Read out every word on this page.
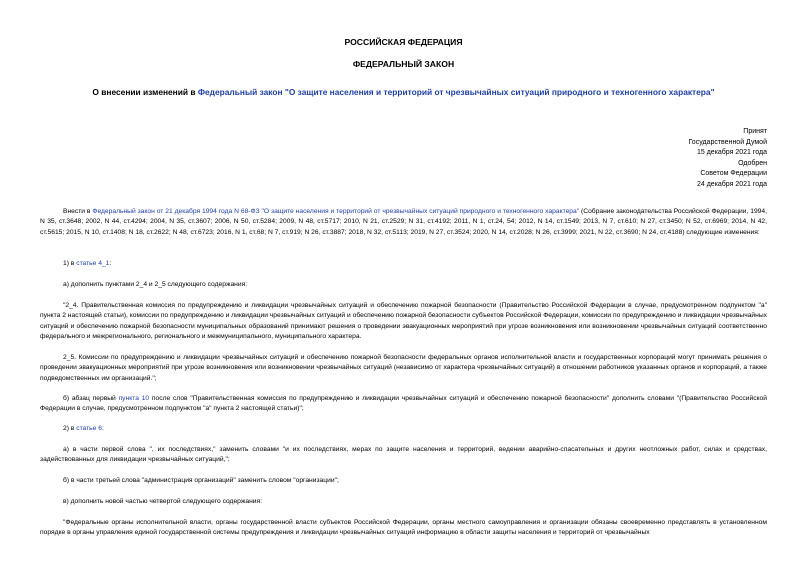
РОССИЙСКАЯ ФЕДЕРАЦИЯ
ФЕДЕРАЛЬНЫЙ ЗАКОН
О внесении изменений в Федеральный закон "О защите населения и территорий от чрезвычайных ситуаций природного и техногенного характера"
Принят
Государственной Думой
15 декабря 2021 года
Одобрен
Советом Федерации
24 декабря 2021 года
Внести в Федеральный закон от 21 декабря 1994 года N 68-ФЗ "О защите населения и территорий от чрезвычайных ситуаций природного и техногенного характера" (Собрание законодательства Российской Федерации, 1994, N 35, ст.3648; 2002, N 44, ст.4294; 2004, N 35, ст.3607; 2006, N 50, ст.5284; 2009, N 48, ст.5717; 2010, N 21, ст.2529; N 31, ст.4192; 2011, N 1, ст.24, 54; 2012, N 14, ст.1549; 2013, N 7, ст.610; N 27, ст.3450; N 52, ст.6969; 2014, N 42, ст.5615; 2015, N 10, ст.1408; N 18, ст.2622; N 48, ст.6723; 2016, N 1, ст.68; N 7, ст.919; N 26, ст.3887; 2018, N 32, ст.5113; 2019, N 27, ст.3524; 2020, N 14, ст.2028; N 26, ст.3999; 2021, N 22, ст.3690; N 24, ст.4188) следующие изменения:
1) в статье 4_1:
а) дополнить пунктами 2_4 и 2_5 следующего содержания:
"2_4. Правительственная комиссия по предупреждению и ликвидации чрезвычайных ситуаций и обеспечению пожарной безопасности (Правительство Российской Федерации в случае, предусмотренном подпунктом "а" пункта 2 настоящей статьи), комиссии по предупреждению и ликвидации чрезвычайных ситуаций и обеспечению пожарной безопасности субъектов Российской Федерации, комиссии по предупреждению и ликвидации чрезвычайных ситуаций и обеспечению пожарной безопасности муниципальных образований принимают решения о проведении эвакуационных мероприятий при угрозе возникновения или возникновении чрезвычайных ситуаций соответственно федерального и межрегионального, регионального и межмуниципального, муниципального характера.
2_5. Комиссии по предупреждению и ликвидации чрезвычайных ситуаций и обеспечению пожарной безопасности федеральных органов исполнительной власти и государственных корпораций могут принимать решения о проведении эвакуационных мероприятий при угрозе возникновения или возникновении чрезвычайных ситуаций (независимо от характера чрезвычайных ситуаций) в отношении работников указанных органов и корпораций, а также подведомственных им организаций.";
б) абзац первый пункта 10 после слов "Правительственная комиссия по предупреждению и ликвидации чрезвычайных ситуаций и обеспечению пожарной безопасности" дополнить словами "(Правительство Российской Федерации в случае, предусмотренном подпунктом "а" пункта 2 настоящей статьи)";
2) в статье 6:
а) в части первой слова ", их последствиях," заменить словами "и их последствиях, мерах по защите населения и территорий, ведении аварийно-спасательных и других неотложных работ, силах и средствах, задействованных для ликвидации чрезвычайных ситуаций,";
б) в части третьей слова "администрация организаций" заменить словом "организации";
в) дополнить новой частью четвертой следующего содержания:
"Федеральные органы исполнительной власти, органы государственной власти субъектов Российской Федерации, органы местного самоуправления и организации обязаны своевременно представлять в установленном порядке в органы управления единой государственной системы предупреждения и ликвидации чрезвычайных ситуаций информацию в области защиты населения и территорий от чрезвычайных
